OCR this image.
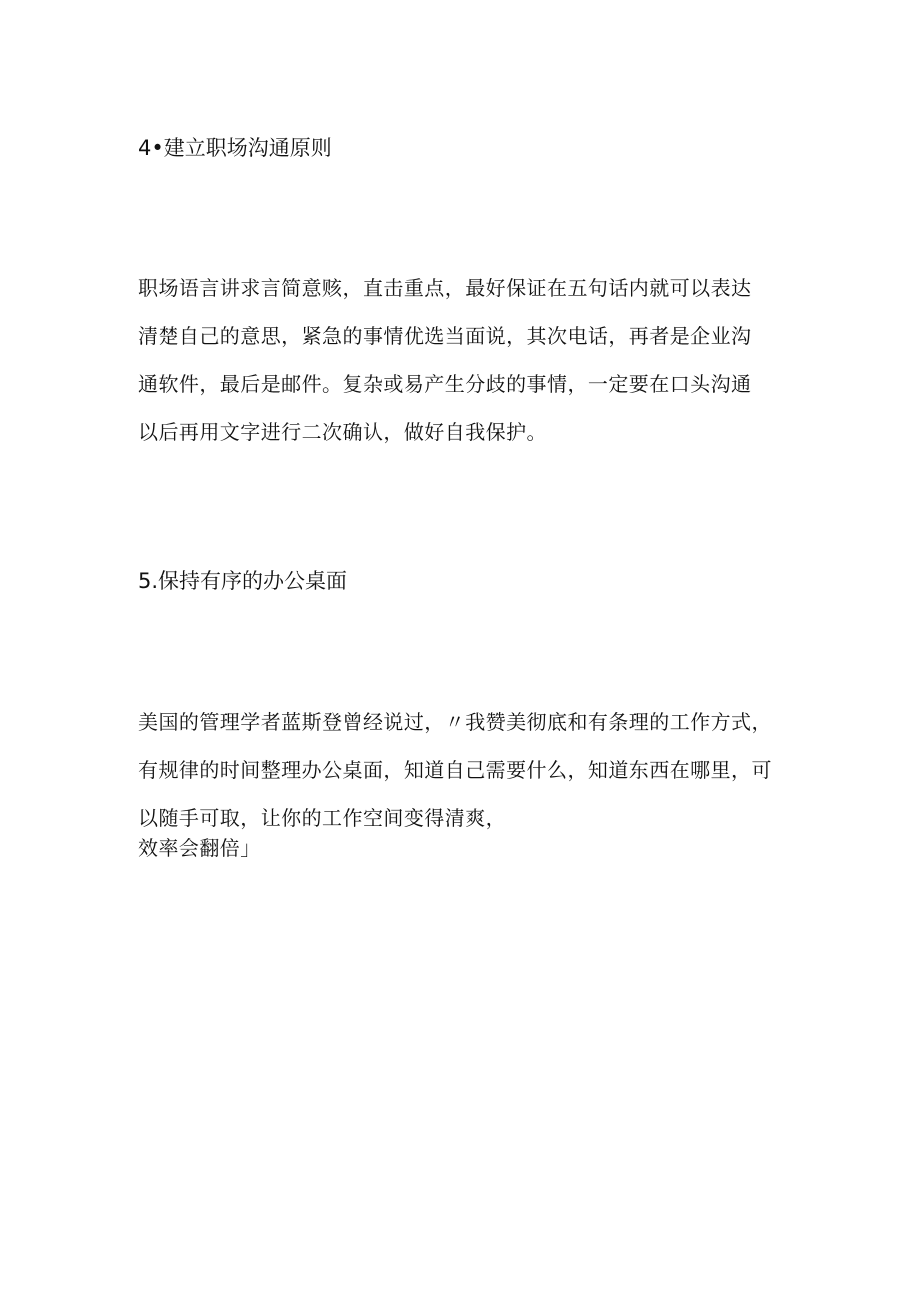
4•建立职场沟通原则
职场语言讲求言简意赅，直击重点，最好保证在五句话内就可以表达
清楚自己的意思，紧急的事情优选当面说，其次电话，再者是企业沟
通软件，最后是邮件。复杂或易产生分歧的事情，一定要在口头沟通
以后再用文字进行二次确认，做好自我保护。
5.保持有序的办公桌面
美国的管理学者蓝斯登曾经说过，〃我赞美彻底和有条理的工作方式，
有规律的时间整理办公桌面，知道自己需要什么，知道东西在哪里，可
以随手可取，让你的工作空间变得清爽，
效率会翻倍」
